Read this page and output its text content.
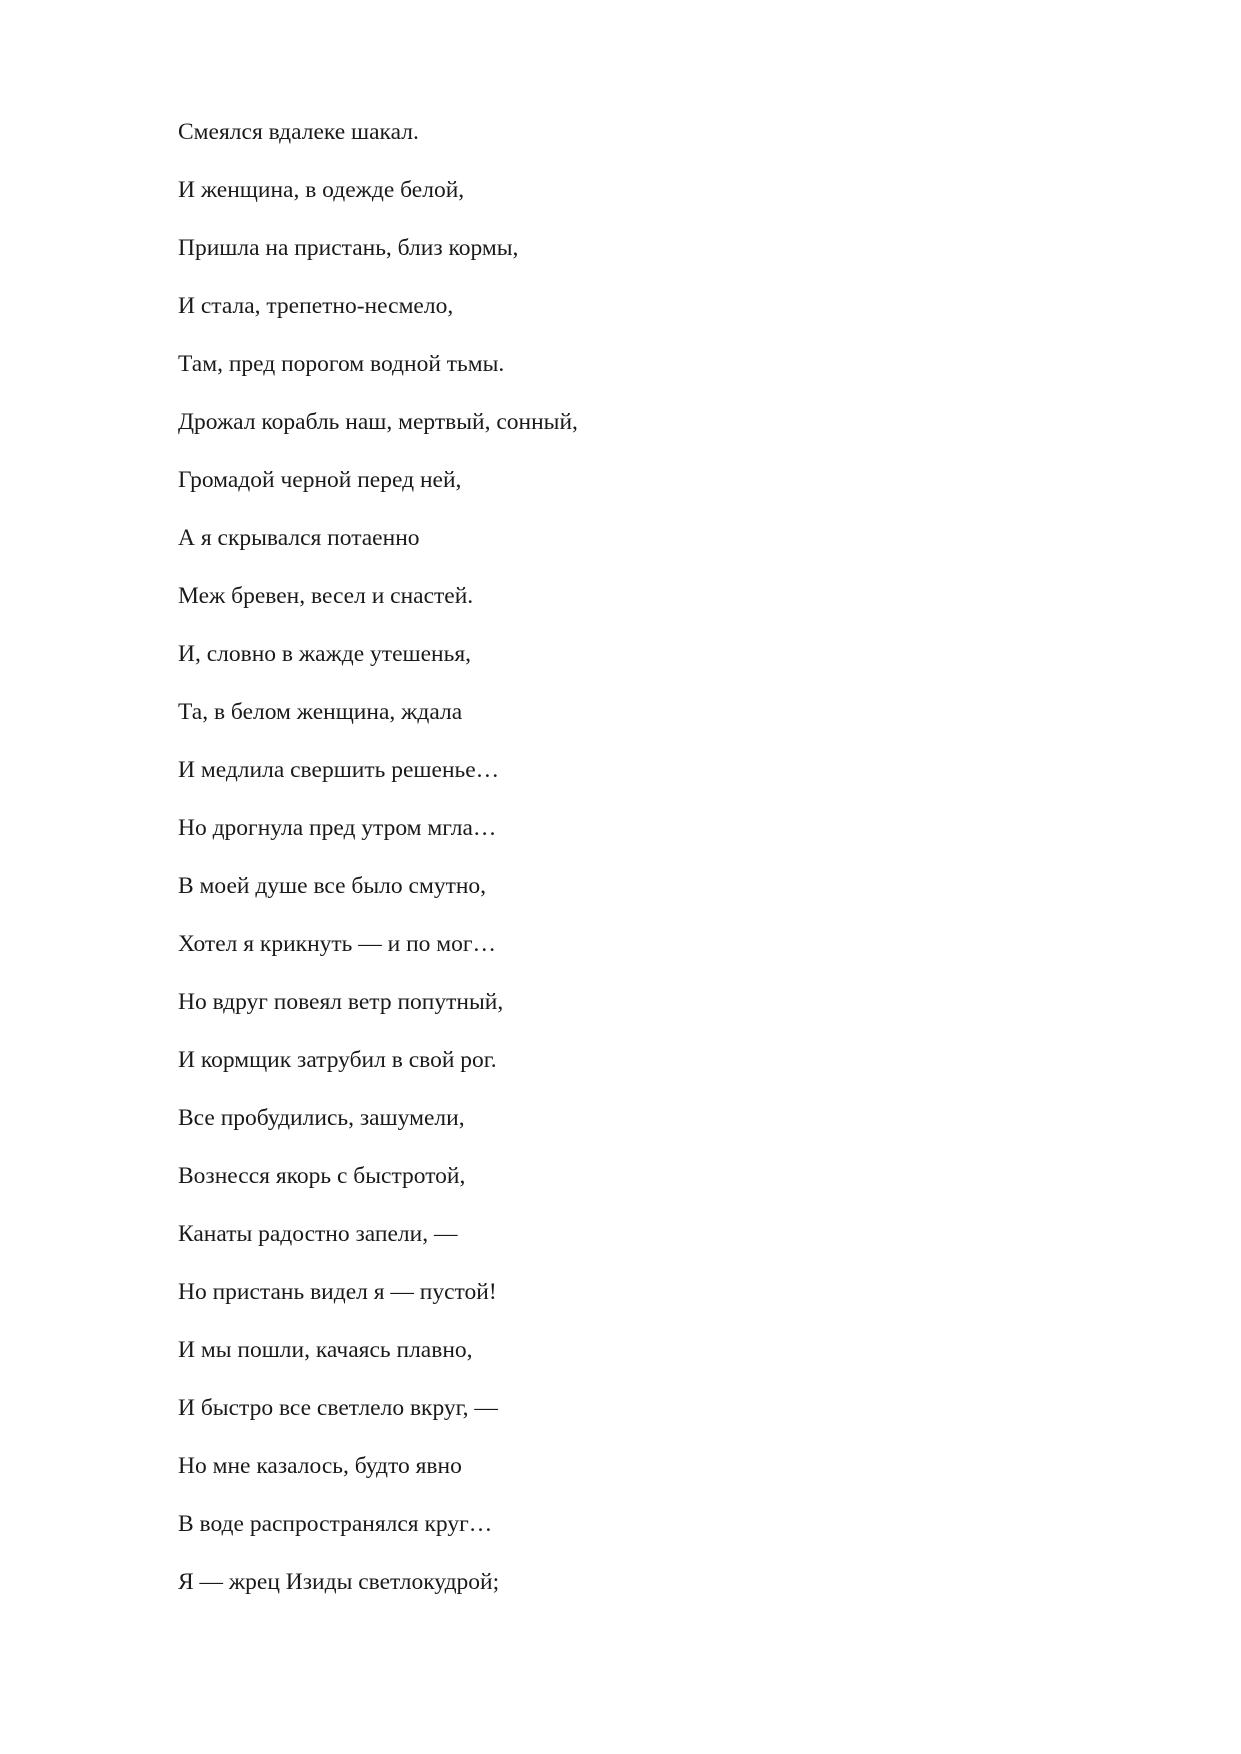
Смеялся вдалеке шакал.
И женщина, в одежде белой,
Пришла на пристань, близ кормы,
И стала, трепетно-несмело,
Там, пред порогом водной тьмы.
Дрожал корабль наш, мертвый, сонный,
Громадой черной перед ней,
А я скрывался потаенно
Меж бревен, весел и снастей.
И, словно в жажде утешенья,
Та, в белом женщина, ждала
И медлила свершить решенье…
Но дрогнула пред утром мгла…
В моей душе все было смутно,
Хотел я крикнуть — и по мог…
Но вдруг повеял ветр попутный,
И кормщик затрубил в свой рог.
Все пробудились, зашумели,
Вознесся якорь с быстротой,
Канаты радостно запели, —
Но пристань видел я — пустой!
И мы пошли, качаясь плавно,
И быстро все светлело вкруг, —
Но мне казалось, будто явно
В воде распространялся круг…
Я — жрец Изиды светлокудрой;
